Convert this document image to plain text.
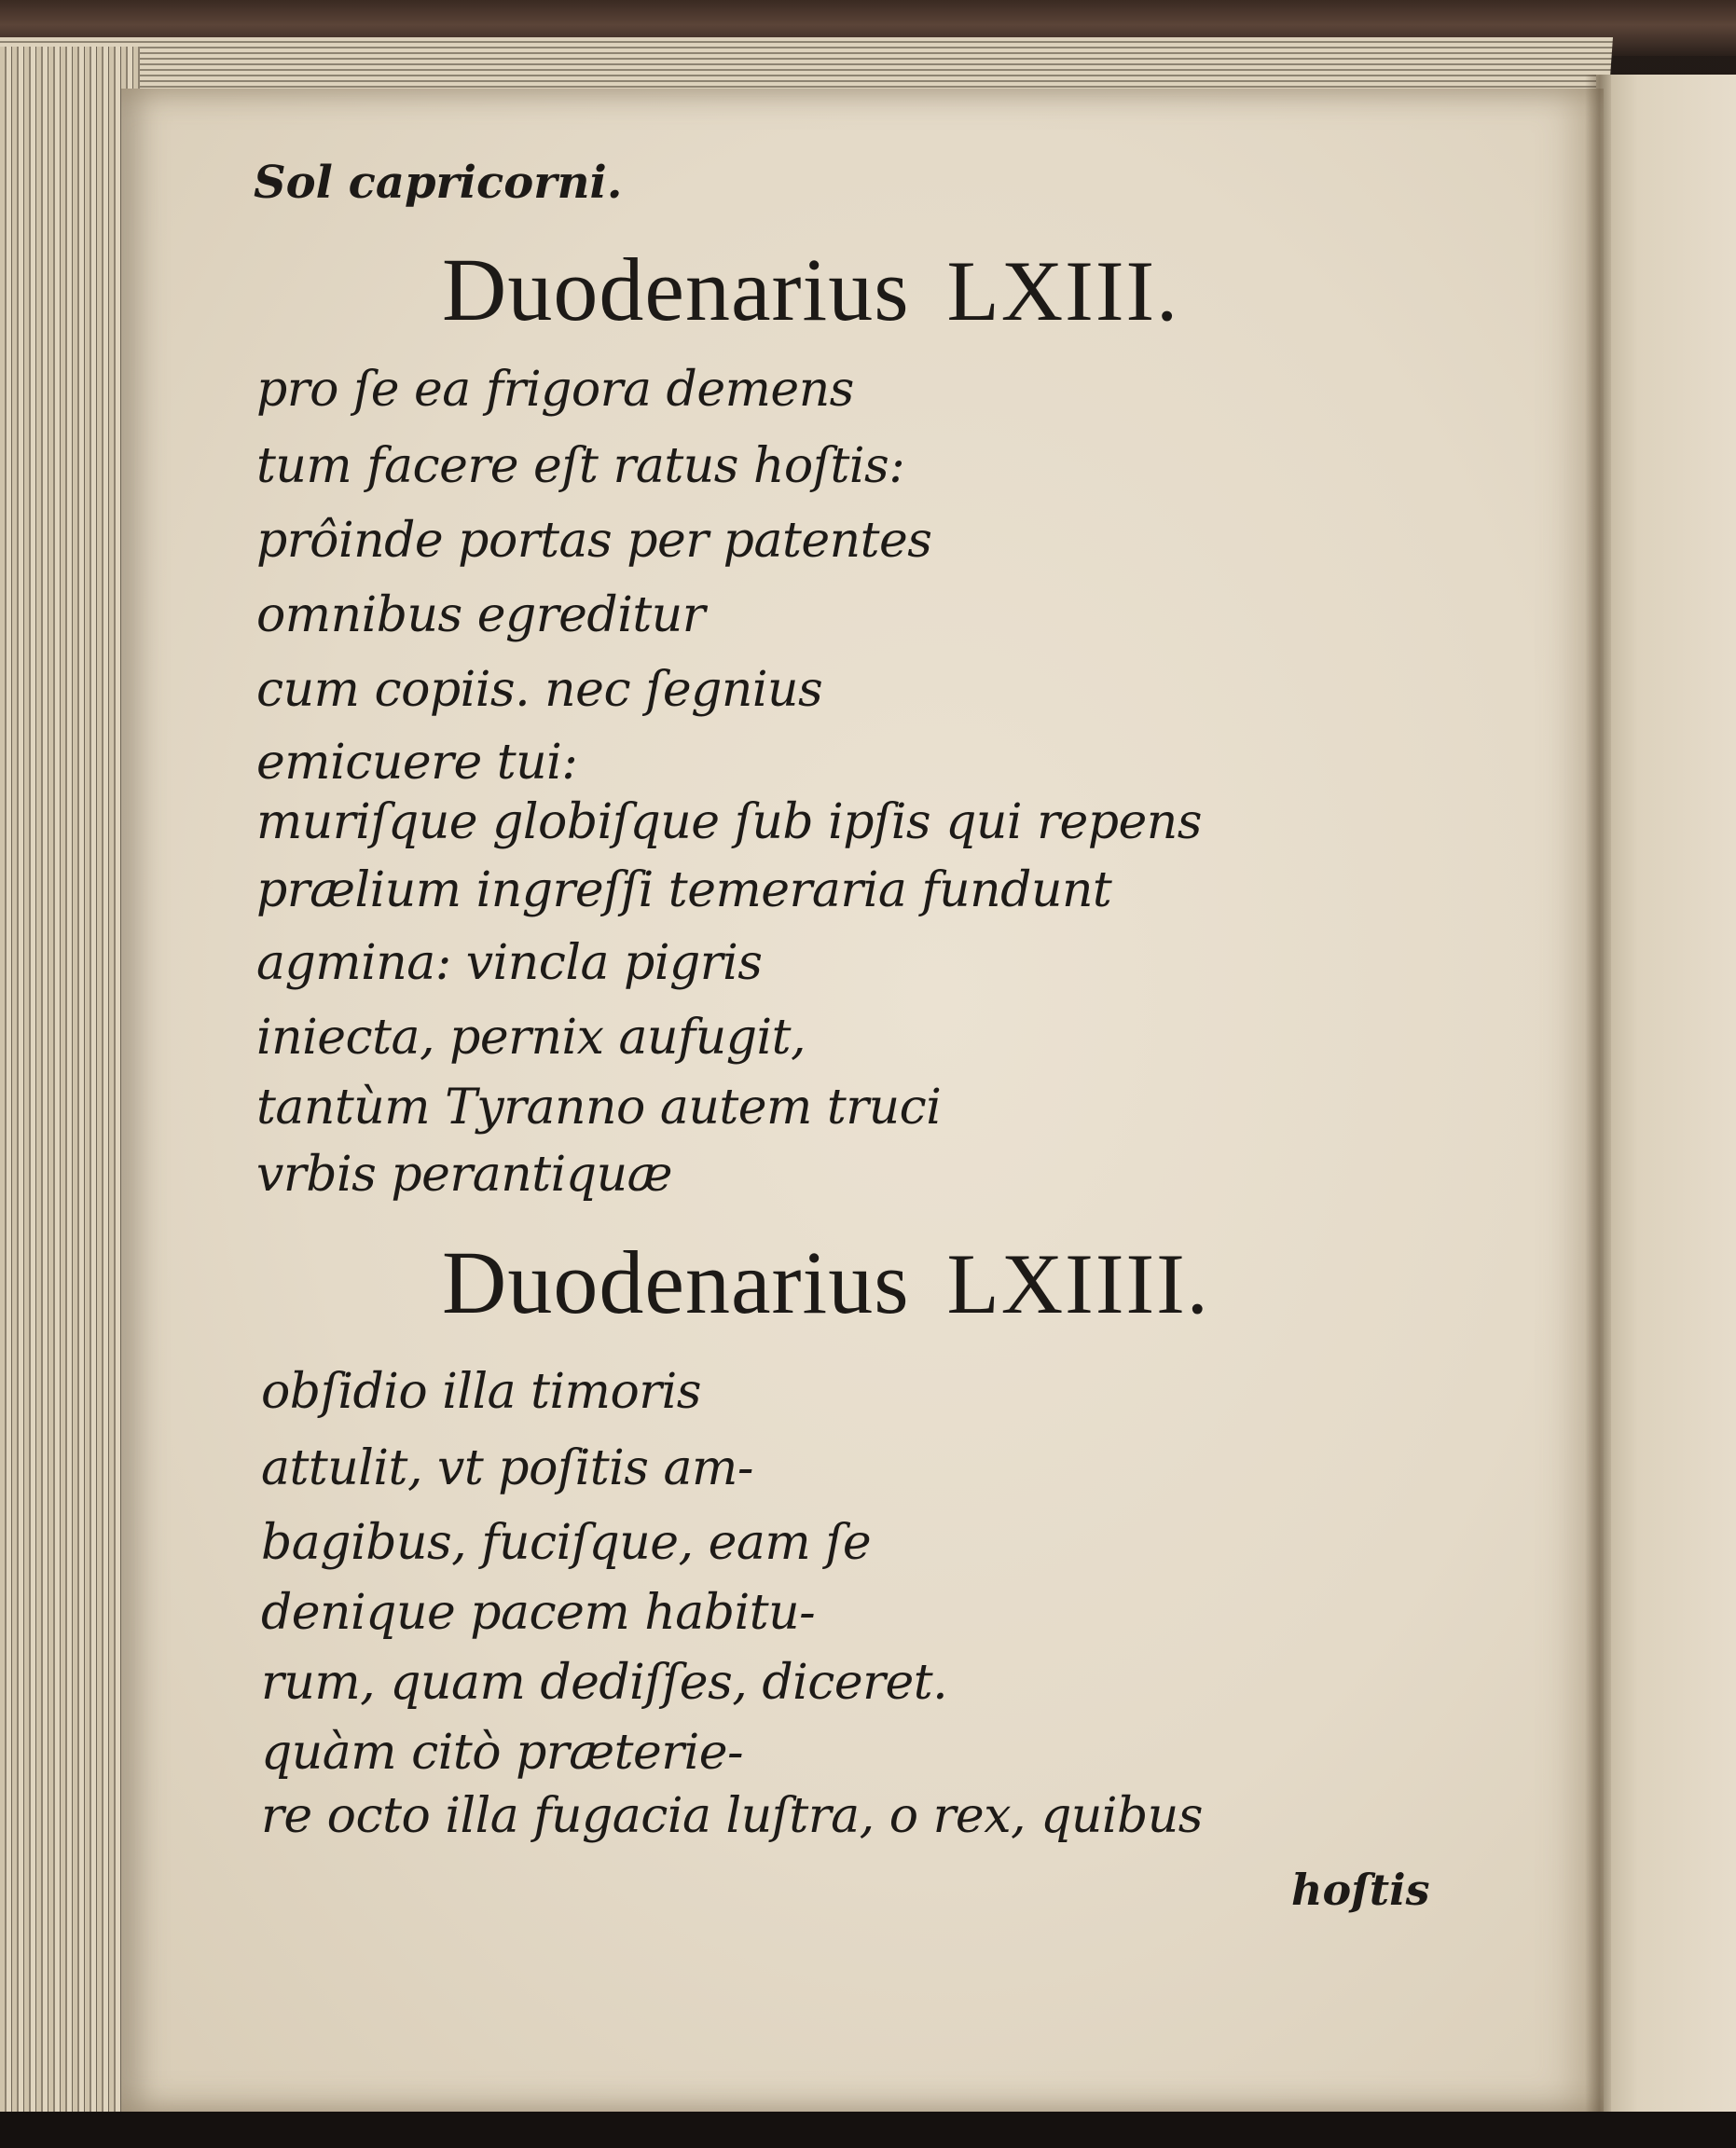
Sol capricorni.
Duodenarius LXIII.
pro ſe ea frigora demens
tum facere eſt ratus hoſtis:
prôinde portas per patentes
omnibus egreditur
cum copiis. nec ſegnius
emicuere tui:
muriſque globiſque ſub ipſis qui repens
prælium ingreſſi temeraria fundunt
agmina: vincla pigris
iniecta, pernix aufugit,
tantùm Tyranno autem truci
vrbis perantiquæ
Duodenarius LXIIII.
obſidio illa timoris
attulit, vt poſitis am-
bagibus, fuciſque, eam ſe
denique pacem habitu-
rum, quam dediſſes, diceret.
quàm citò præterie-
re octo illa fugacia luſtra, o rex, quibus
hoſtis
